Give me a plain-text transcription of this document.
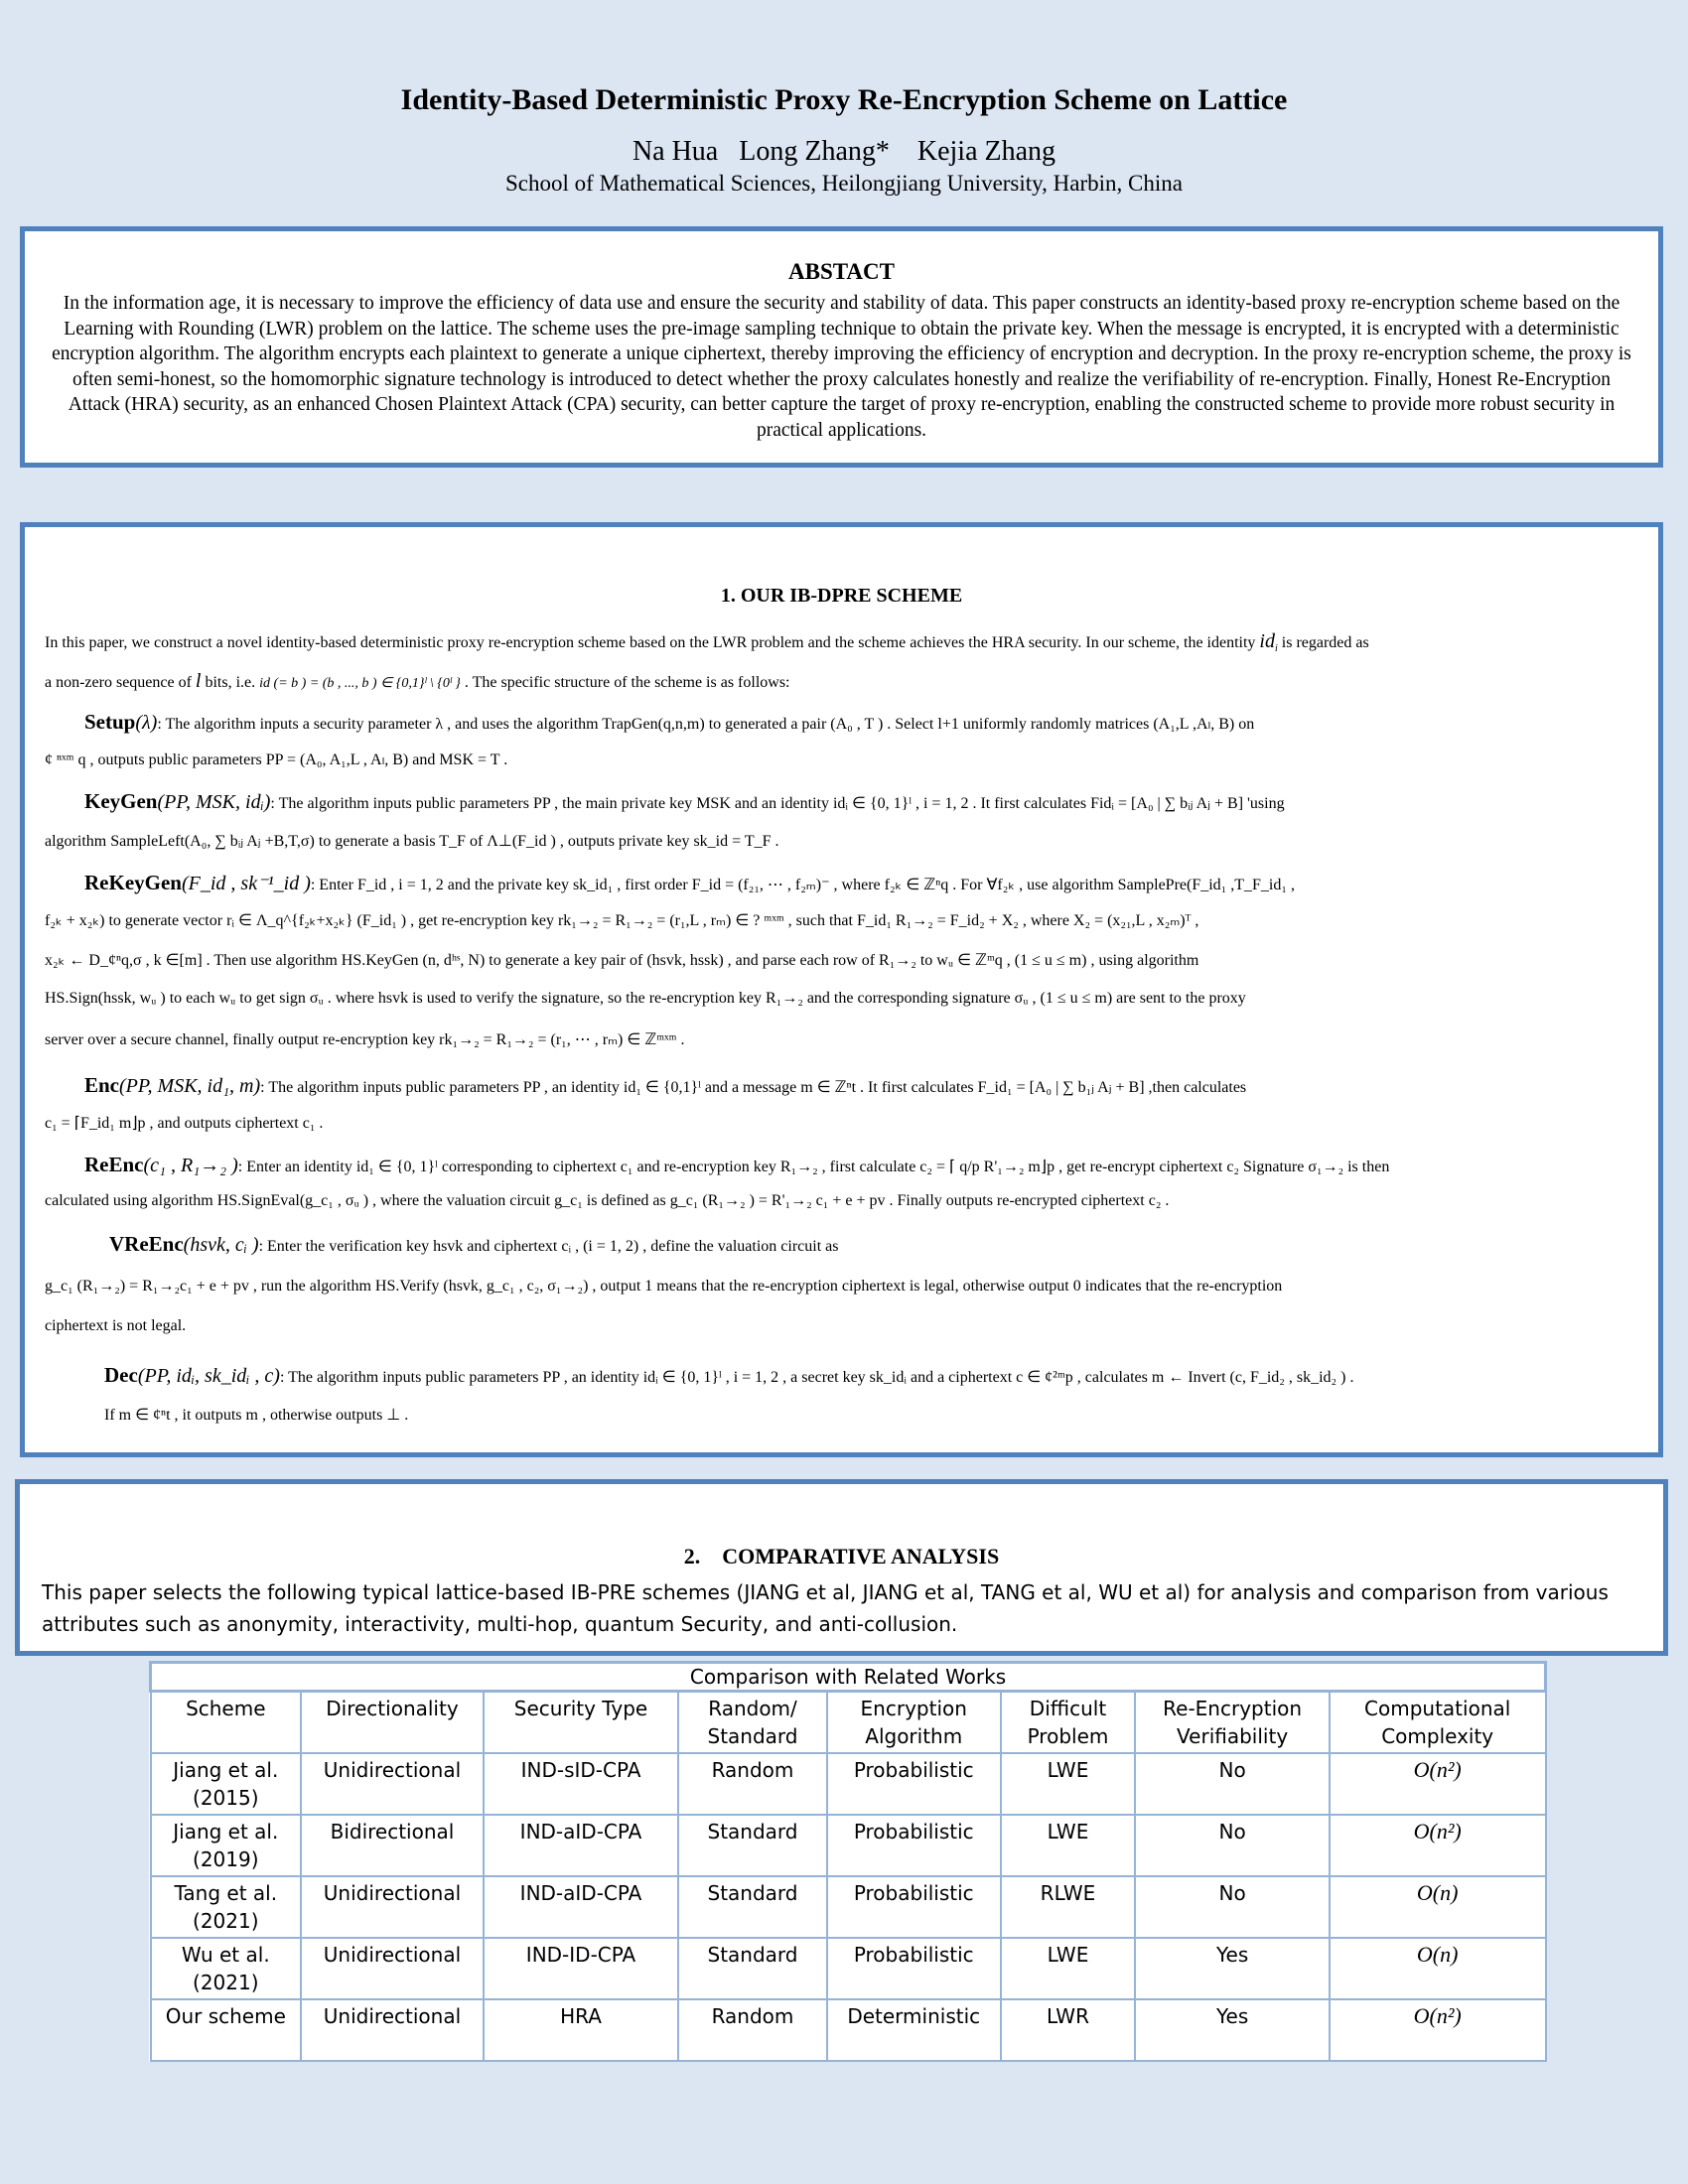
Identity-Based Deterministic Proxy Re-Encryption Scheme on Lattice
Na Hua   Long Zhang*    Kejia Zhang
School of Mathematical Sciences, Heilongjiang University, Harbin, China
ABSTACT
In the information age, it is necessary to improve the efficiency of data use and ensure the security and stability of data. This paper constructs an identity-based proxy re-encryption scheme based on the Learning with Rounding (LWR) problem on the lattice. The scheme uses the pre-image sampling technique to obtain the private key. When the message is encrypted, it is encrypted with a deterministic encryption algorithm. The algorithm encrypts each plaintext to generate a unique ciphertext, thereby improving the efficiency of encryption and decryption. In the proxy re-encryption scheme, the proxy is often semi-honest, so the homomorphic signature technology is introduced to detect whether the proxy calculates honestly and realize the verifiability of re-encryption. Finally, Honest Re-Encryption Attack (HRA) security, as an enhanced Chosen Plaintext Attack (CPA) security, can better capture the target of proxy re-encryption, enabling the constructed scheme to provide more robust security in practical applications.
1. OUR IB-DPRE SCHEME
In this paper, we construct a novel identity-based deterministic proxy re-encryption scheme based on the LWR problem and the scheme achieves the HRA security. In our scheme, the identity $id_i$ is regarded as
a non-zero sequence of l bits, i.e. id (= b ) = (b , ..., b ) ∈ {0,1}ˡ \ {0ˡ } . The specific structure of the scheme is as follows:
Setup(λ): The algorithm inputs a security parameter λ , and uses the algorithm TrapGen(q,n,m) to generated a pair (A₀ , T ) . Select l+1 uniformly randomly matrices (A₁,L ,Aₗ, B) on
¢ ⁿˣᵐ q , outputs public parameters PP = (A₀, A₁,L , Aₗ, B) and MSK = T .
KeyGen(PP, MSK, idᵢ): The algorithm inputs public parameters PP , the main private key MSK and an identity idᵢ ∈ {0, 1}ˡ , i = 1, 2 . It first calculates Fidᵢ = [A₀ | ∑ bᵢⱼ Aⱼ + B] 'using
algorithm SampleLeft(A₀, ∑ bᵢⱼ Aⱼ +B,T,σ) to generate a basis T_F of Λ⊥(F_id ) , outputs private key sk_id = T_F .
ReKeyGen(F_id , sk⁻¹_id ): Enter F_id , i = 1, 2 and the private key sk_id₁ , first order F_id = (f₂₁, ⋯ , f₂ₘ)⁻ , where f₂ₖ ∈ ℤⁿq . For ∀f₂ₖ , use algorithm SamplePre(F_id₁ ,T_F_id₁ ,
f₂ₖ + x₂ₖ) to generate vector rᵢ ∈ Λ_q^{f₂ₖ+x₂ₖ} (F_id₁ ) , get re-encryption key rk₁→₂ = R₁→₂ = (r₁,L , rₘ) ∈ ? ᵐˣᵐ , such that F_id₁ R₁→₂ = F_id₂ + X₂ , where X₂ = (x₂₁,L , x₂ₘ)ᵀ ,
x₂ₖ ← D_¢ⁿq,σ , k ∈[m] . Then use algorithm HS.KeyGen (n, dʰˢ, N) to generate a key pair of (hsvk, hssk) , and parse each row of R₁→₂ to wᵤ ∈ ℤᵐq , (1 ≤ u ≤ m) , using algorithm
HS.Sign(hssk, wᵤ ) to each wᵤ to get sign σᵤ . where hsvk is used to verify the signature, so the re-encryption key R₁→₂ and the corresponding signature σᵤ , (1 ≤ u ≤ m) are sent to the proxy
server over a secure channel, finally output re-encryption key rk₁→₂ = R₁→₂ = (r₁, ⋯ , rₘ) ∈ ℤᵐˣᵐ .
Enc(PP, MSK, id₁, m): The algorithm inputs public parameters PP , an identity id₁ ∈ {0,1}ˡ and a message m ∈ ℤⁿt . It first calculates F_id₁ = [A₀ | ∑ b₁ⱼ Aⱼ + B] ,then calculates
c₁ = ⌈F_id₁ m⌋p , and outputs ciphertext c₁ .
ReEnc(c₁ , R₁→₂ ): Enter an identity id₁ ∈ {0, 1}ˡ corresponding to ciphertext c₁ and re-encryption key R₁→₂ , first calculate c₂ = ⌈ q/p R'₁→₂ m⌋p , get re-encrypt ciphertext c₂ Signature σ₁→₂ is then
calculated using algorithm HS.SignEval(g_c₁ , σᵤ ) , where the valuation circuit g_c₁ is defined as g_c₁ (R₁→₂ ) = R'₁→₂ c₁ + e + pv . Finally outputs re-encrypted ciphertext c₂ .
VReEnc(hsvk, cᵢ ): Enter the verification key hsvk and ciphertext cᵢ , (i = 1, 2) , define the valuation circuit as
g_c₁ (R₁→₂) = R₁→₂c₁ + e + pv , run the algorithm HS.Verify (hsvk, g_c₁ , c₂, σ₁→₂) , output 1 means that the re-encryption ciphertext is legal, otherwise output 0 indicates that the re-encryption
ciphertext is not legal.
Dec(PP, idᵢ, sk_idᵢ , c): The algorithm inputs public parameters PP , an identity idᵢ ∈ {0, 1}ˡ , i = 1, 2 , a secret key sk_idᵢ and a ciphertext c ∈ ¢²ᵐp , calculates m ← Invert (c, F_id₂ , sk_id₂ ) .
If m ∈ ¢ⁿt , it outputs m , otherwise outputs ⊥ .
2.    COMPARATIVE ANALYSIS
This paper selects the following typical lattice-based IB-PRE schemes (JIANG et al, JIANG et al, TANG et al, WU et al) for analysis and comparison from various attributes such as anonymity, interactivity, multi-hop, quantum Security, and anti-collusion.
Comparison with Related Works							
Scheme	Directionality	Security Type	Random/ Standard	Encryption Algorithm	Difficult Problem	Re-Encryption Verifiability	Computational Complexity
Jiang et al. (2015)	Unidirectional	IND-sID-CPA	Random	Probabilistic	LWE	No	O(n²)
Jiang et al. (2019)	Bidirectional	IND-aID-CPA	Standard	Probabilistic	LWE	No	O(n²)
Tang et al. (2021)	Unidirectional	IND-aID-CPA	Standard	Probabilistic	RLWE	No	O(n)
Wu et al. (2021)	Unidirectional	IND-ID-CPA	Standard	Probabilistic	LWE	Yes	O(n)
Our scheme	Unidirectional	HRA	Random	Deterministic	LWR	Yes	O(n²)
